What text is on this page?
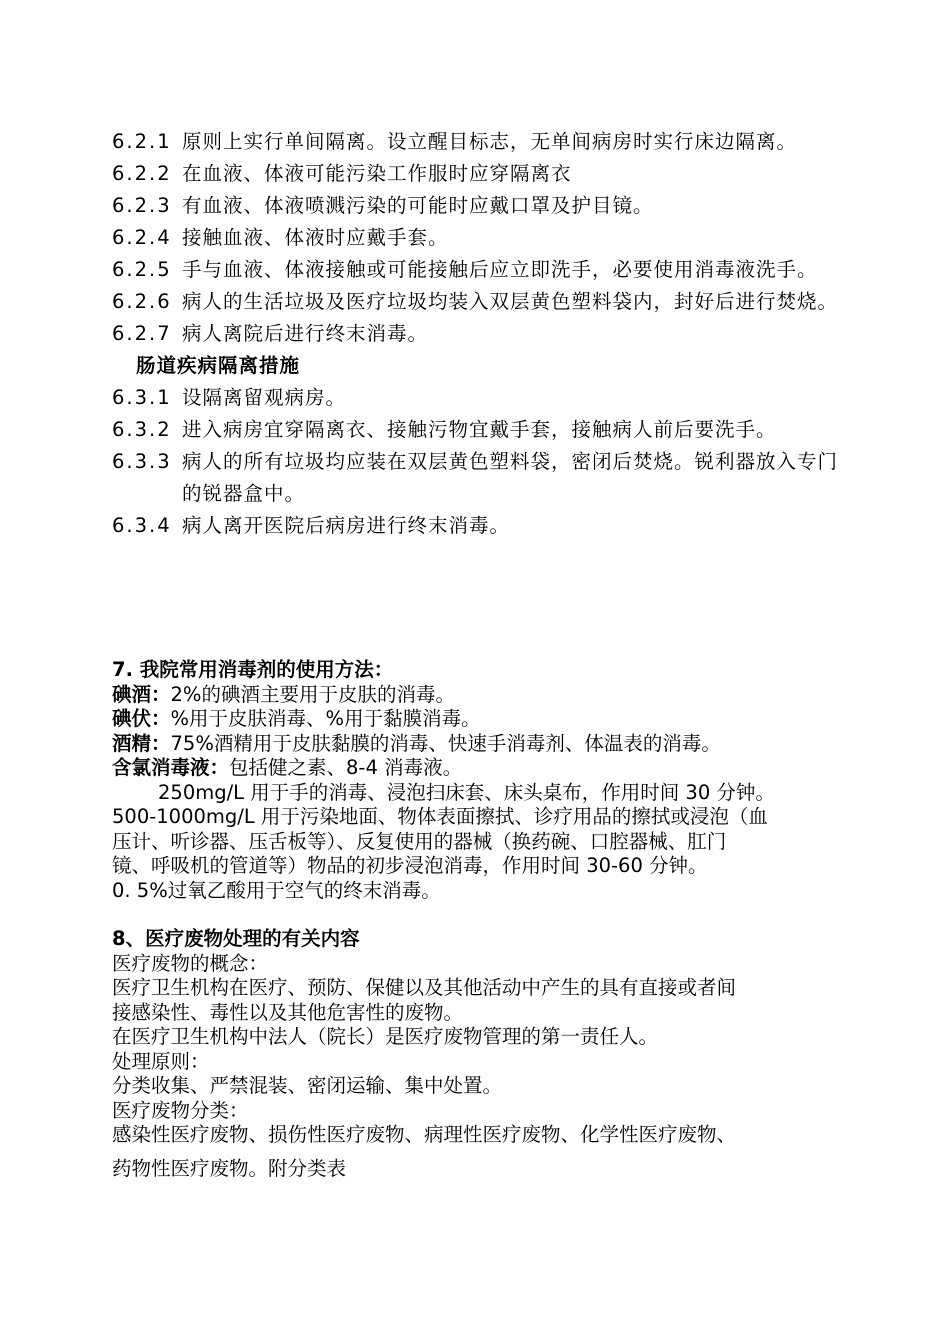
6.2.1 原则上实行单间隔离。设立醒目标志，无单间病房时实行床边隔离。
6.2.2 在血液、体液可能污染工作服时应穿隔离衣
6.2.3 有血液、体液喷溅污染的可能时应戴口罩及护目镜。
6.2.4 接触血液、体液时应戴手套。
6.2.5 手与血液、体液接触或可能接触后应立即洗手，必要使用消毒液洗手。
6.2.6 病人的生活垃圾及医疗垃圾均装入双层黄色塑料袋内，封好后进行焚烧。
6.2.7 病人离院后进行终末消毒。
肠道疾病隔离措施
6.3.1 设隔离留观病房。
6.3.2 进入病房宜穿隔离衣、接触污物宜戴手套，接触病人前后要洗手。
6.3.3 病人的所有垃圾均应装在双层黄色塑料袋，密闭后焚烧。锐利器放入专门的锐器盒中。
6.3.4 病人离开医院后病房进行终末消毒。
7. 我院常用消毒剂的使用方法：
碘酒：2%的碘酒主要用于皮肤的消毒。
碘伏：%用于皮肤消毒、%用于黏膜消毒。
酒精：75%酒精用于皮肤黏膜的消毒、快速手消毒剂、体温表的消毒。
含氯消毒液：包括健之素、8-4 消毒液。
250mg/L 用于手的消毒、浸泡扫床套、床头桌布，作用时间 30 分钟。
500-1000mg/L 用于污染地面、物体表面擦拭、诊疗用品的擦拭或浸泡（血
压计、听诊器、压舌板等）、反复使用的器械（换药碗、口腔器械、肛门
镜、呼吸机的管道等）物品的初步浸泡消毒，作用时间 30-60 分钟。
0. 5%过氧乙酸用于空气的终末消毒。
8、医疗废物处理的有关内容
医疗废物的概念：
医疗卫生机构在医疗、预防、保健以及其他活动中产生的具有直接或者间
接感染性、毒性以及其他危害性的废物。
在医疗卫生机构中法人（院长）是医疗废物管理的第一责任人。
处理原则：
分类收集、严禁混装、密闭运输、集中处置。
医疗废物分类：
感染性医疗废物、损伤性医疗废物、病理性医疗废物、化学性医疗废物、
药物性医疗废物。附分类表
